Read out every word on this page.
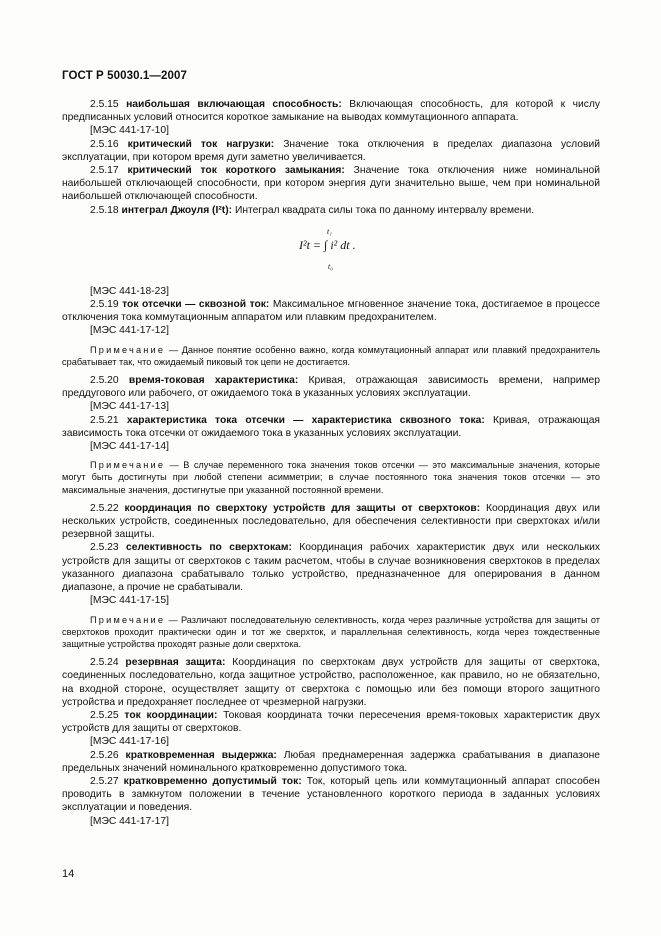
ГОСТ Р 50030.1—2007

2.5.15 наибольшая включающая способность: Включающая способность, для которой к числу предписанных условий относится короткое замыкание на выводах коммутационного аппарата.

[МЭС 441-17-10]

2.5.16 критический ток нагрузки: Значение тока отключения в пределах диапазона условий эксплуатации, при котором время дуги заметно увеличивается.

2.5.17 критический ток короткого замыкания: Значение тока отключения ниже номинальной наибольшей отключающей способности, при котором энергия дуги значительно выше, чем при номинальной наибольшей отключающей способности.

2.5.18 интеграл Джоуля (I²t): Интеграл квадрата силы тока по данному интервалу времени.

t₁
I²t = ∫ i² dt .
t₀

[МЭС 441-18-23]

2.5.19 ток отсечки — сквозной ток: Максимальное мгновенное значение тока, достигаемое в процессе отключения тока коммутационным аппаратом или плавким предохранителем.

[МЭС 441-17-12]

Примечание — Данное понятие особенно важно, когда коммутационный аппарат или плавкий предохранитель срабатывает так, что ожидаемый пиковый ток цепи не достигается.

2.5.20 время-токовая характеристика: Кривая, отражающая зависимость времени, например преддугового или рабочего, от ожидаемого тока в указанных условиях эксплуатации.

[МЭС 441-17-13]

2.5.21 характеристика тока отсечки — характеристика сквозного тока: Кривая, отражающая зависимость тока отсечки от ожидаемого тока в указанных условиях эксплуатации.

[МЭС 441-17-14]

Примечание — В случае переменного тока значения токов отсечки — это максимальные значения, которые могут быть достигнуты при любой степени асимметрии; в случае постоянного тока значения токов отсечки — это максимальные значения, достигнутые при указанной постоянной времени.

2.5.22 координация по сверхтоку устройств для защиты от сверхтоков: Координация двух или нескольких устройств, соединенных последовательно, для обеспечения селективности при сверхтоках и/или резервной защиты.

2.5.23 селективность по сверхтокам: Координация рабочих характеристик двух или нескольких устройств для защиты от сверхтоков с таким расчетом, чтобы в случае возникновения сверхтоков в пределах указанного диапазона срабатывало только устройство, предназначенное для оперирования в данном диапазоне, а прочие не срабатывали.

[МЭС 441-17-15]

Примечание — Различают последовательную селективность, когда через различные устройства для защиты от сверхтоков проходит практически один и тот же сверхток, и параллельная селективность, когда через тождественные защитные устройства проходят разные доли сверхтока.

2.5.24 резервная защита: Координация по сверхтокам двух устройств для защиты от сверхтока, соединенных последовательно, когда защитное устройство, расположенное, как правило, но не обязательно, на входной стороне, осуществляет защиту от сверхтока с помощью или без помощи второго защитного устройства и предохраняет последнее от чрезмерной нагрузки.

2.5.25 ток координации: Токовая координата точки пересечения время-токовых характеристик двух устройств для защиты от сверхтоков.

[МЭС 441-17-16]

2.5.26 кратковременная выдержка: Любая преднамеренная задержка срабатывания в диапазоне предельных значений номинального кратковременно допустимого тока.

2.5.27 кратковременно допустимый ток: Ток, который цепь или коммутационный аппарат способен проводить в замкнутом положении в течение установленного короткого периода в заданных условиях эксплуатации и поведения.

[МЭС 441-17-17]

14
